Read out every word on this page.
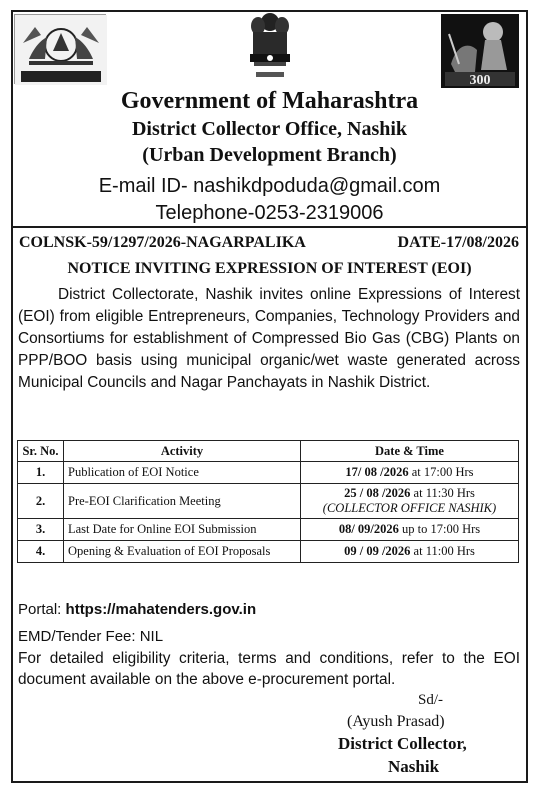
300
Government of Maharashtra
District Collector Office, Nashik
(Urban Development Branch)
E-mail ID- nashikdpoduda@gmail.com
Telephone-0253-2319006
COLNSK-59/1297/2026-NAGARPALIKA	DATE-17/08/2026
NOTICE INVITING EXPRESSION OF INTEREST (EOI)

District Collectorate, Nashik invites online Expressions of Interest (EOI) from eligible Entrepreneurs, Companies, Technology Providers and Consortiums for establishment of Compressed Bio Gas (CBG) Plants on PPP/BOO basis using municipal organic/wet waste generated across Municipal Councils and Nagar Panchayats in Nashik District.

Sr. No.	Activity	Date & Time
1.	Publication of EOI Notice	17/ 08 /2026 at 17:00 Hrs
2.	Pre-EOI Clarification Meeting	25 / 08 /2026 at 11:30 Hrs
(COLLECTOR OFFICE NASHIK)
3.	Last Date for Online EOI Submission	08/ 09/2026 up to 17:00 Hrs
4.	Opening & Evaluation of EOI Proposals	09 / 09 /2026 at 11:00 Hrs
Portal: https://mahatenders.gov.in
EMD/Tender Fee: NIL

For detailed eligibility criteria, terms and conditions, refer to the EOI document available on the above e-procurement portal.

Sd/-
(Ayush Prasad)
District Collector,
Nashik
